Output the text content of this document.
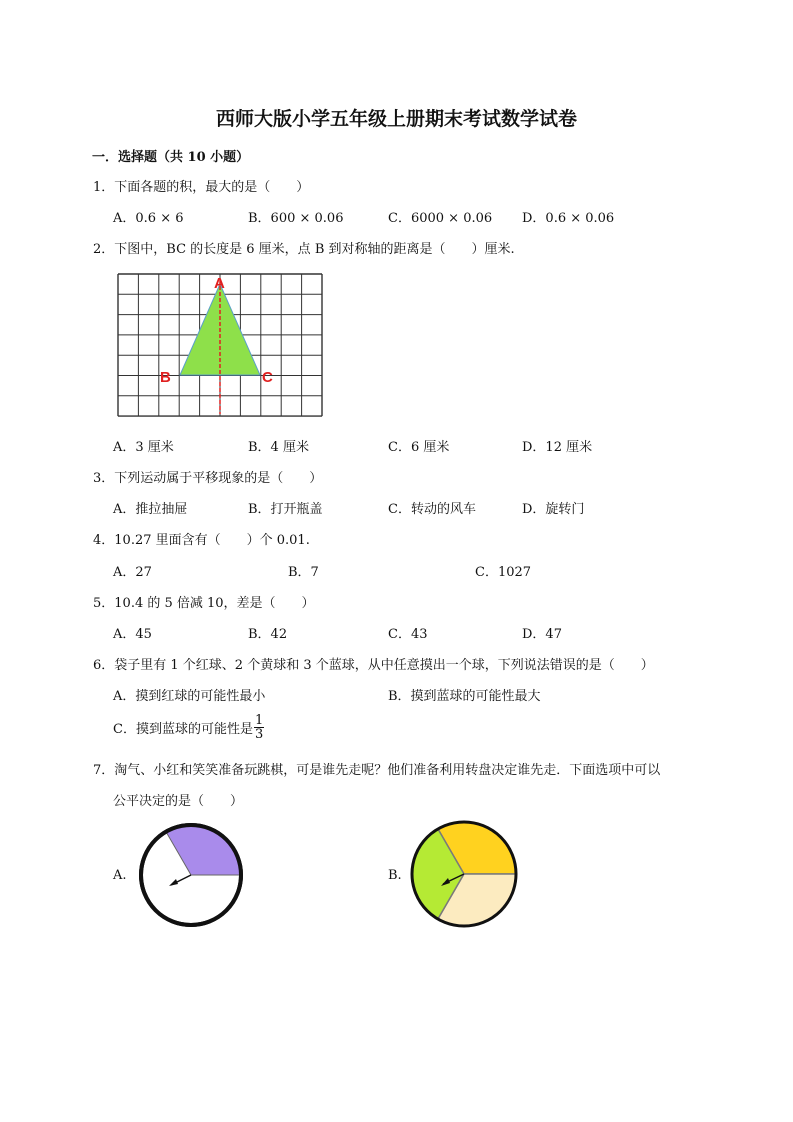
西师大版小学五年级上册期末考试数学试卷
一．选择题（共 10 小题）
1．下面各题的积，最大的是（　　）
A．0.6 × 6	B．600 × 0.06	C．6000 × 0.06 D．0.6 × 0.06
2．下图中，BC 的长度是 6 厘米，点 B 到对称轴的距离是（　　）厘米.
A
B	C
A．3 厘米	B．4 厘米	C．6 厘米	D．12 厘米
3．下列运动属于平移现象的是（　　）
A．推拉抽屉	B．打开瓶盖	C．转动的风车	D．旋转门
4．10.27 里面含有（　　）个 0.01.
A．27	B．7	C．1027
5．10.4 的 5 倍减 10，差是（　　）
A．45	B．42	C．43	D．47
6．袋子里有 1 个红球、2 个黄球和 3 个蓝球，从中任意摸出一个球，下列说法错误的是（　　）
A．摸到红球的可能性最小	B．摸到蓝球的可能性最大
C．摸到蓝球的可能性是 $\frac{1}{3}$
7．淘气、小红和笑笑准备玩跳棋，可是谁先走呢？他们准备利用转盘决定谁先走．下面选项中可以
公平决定的是（　　）
A.	B.
